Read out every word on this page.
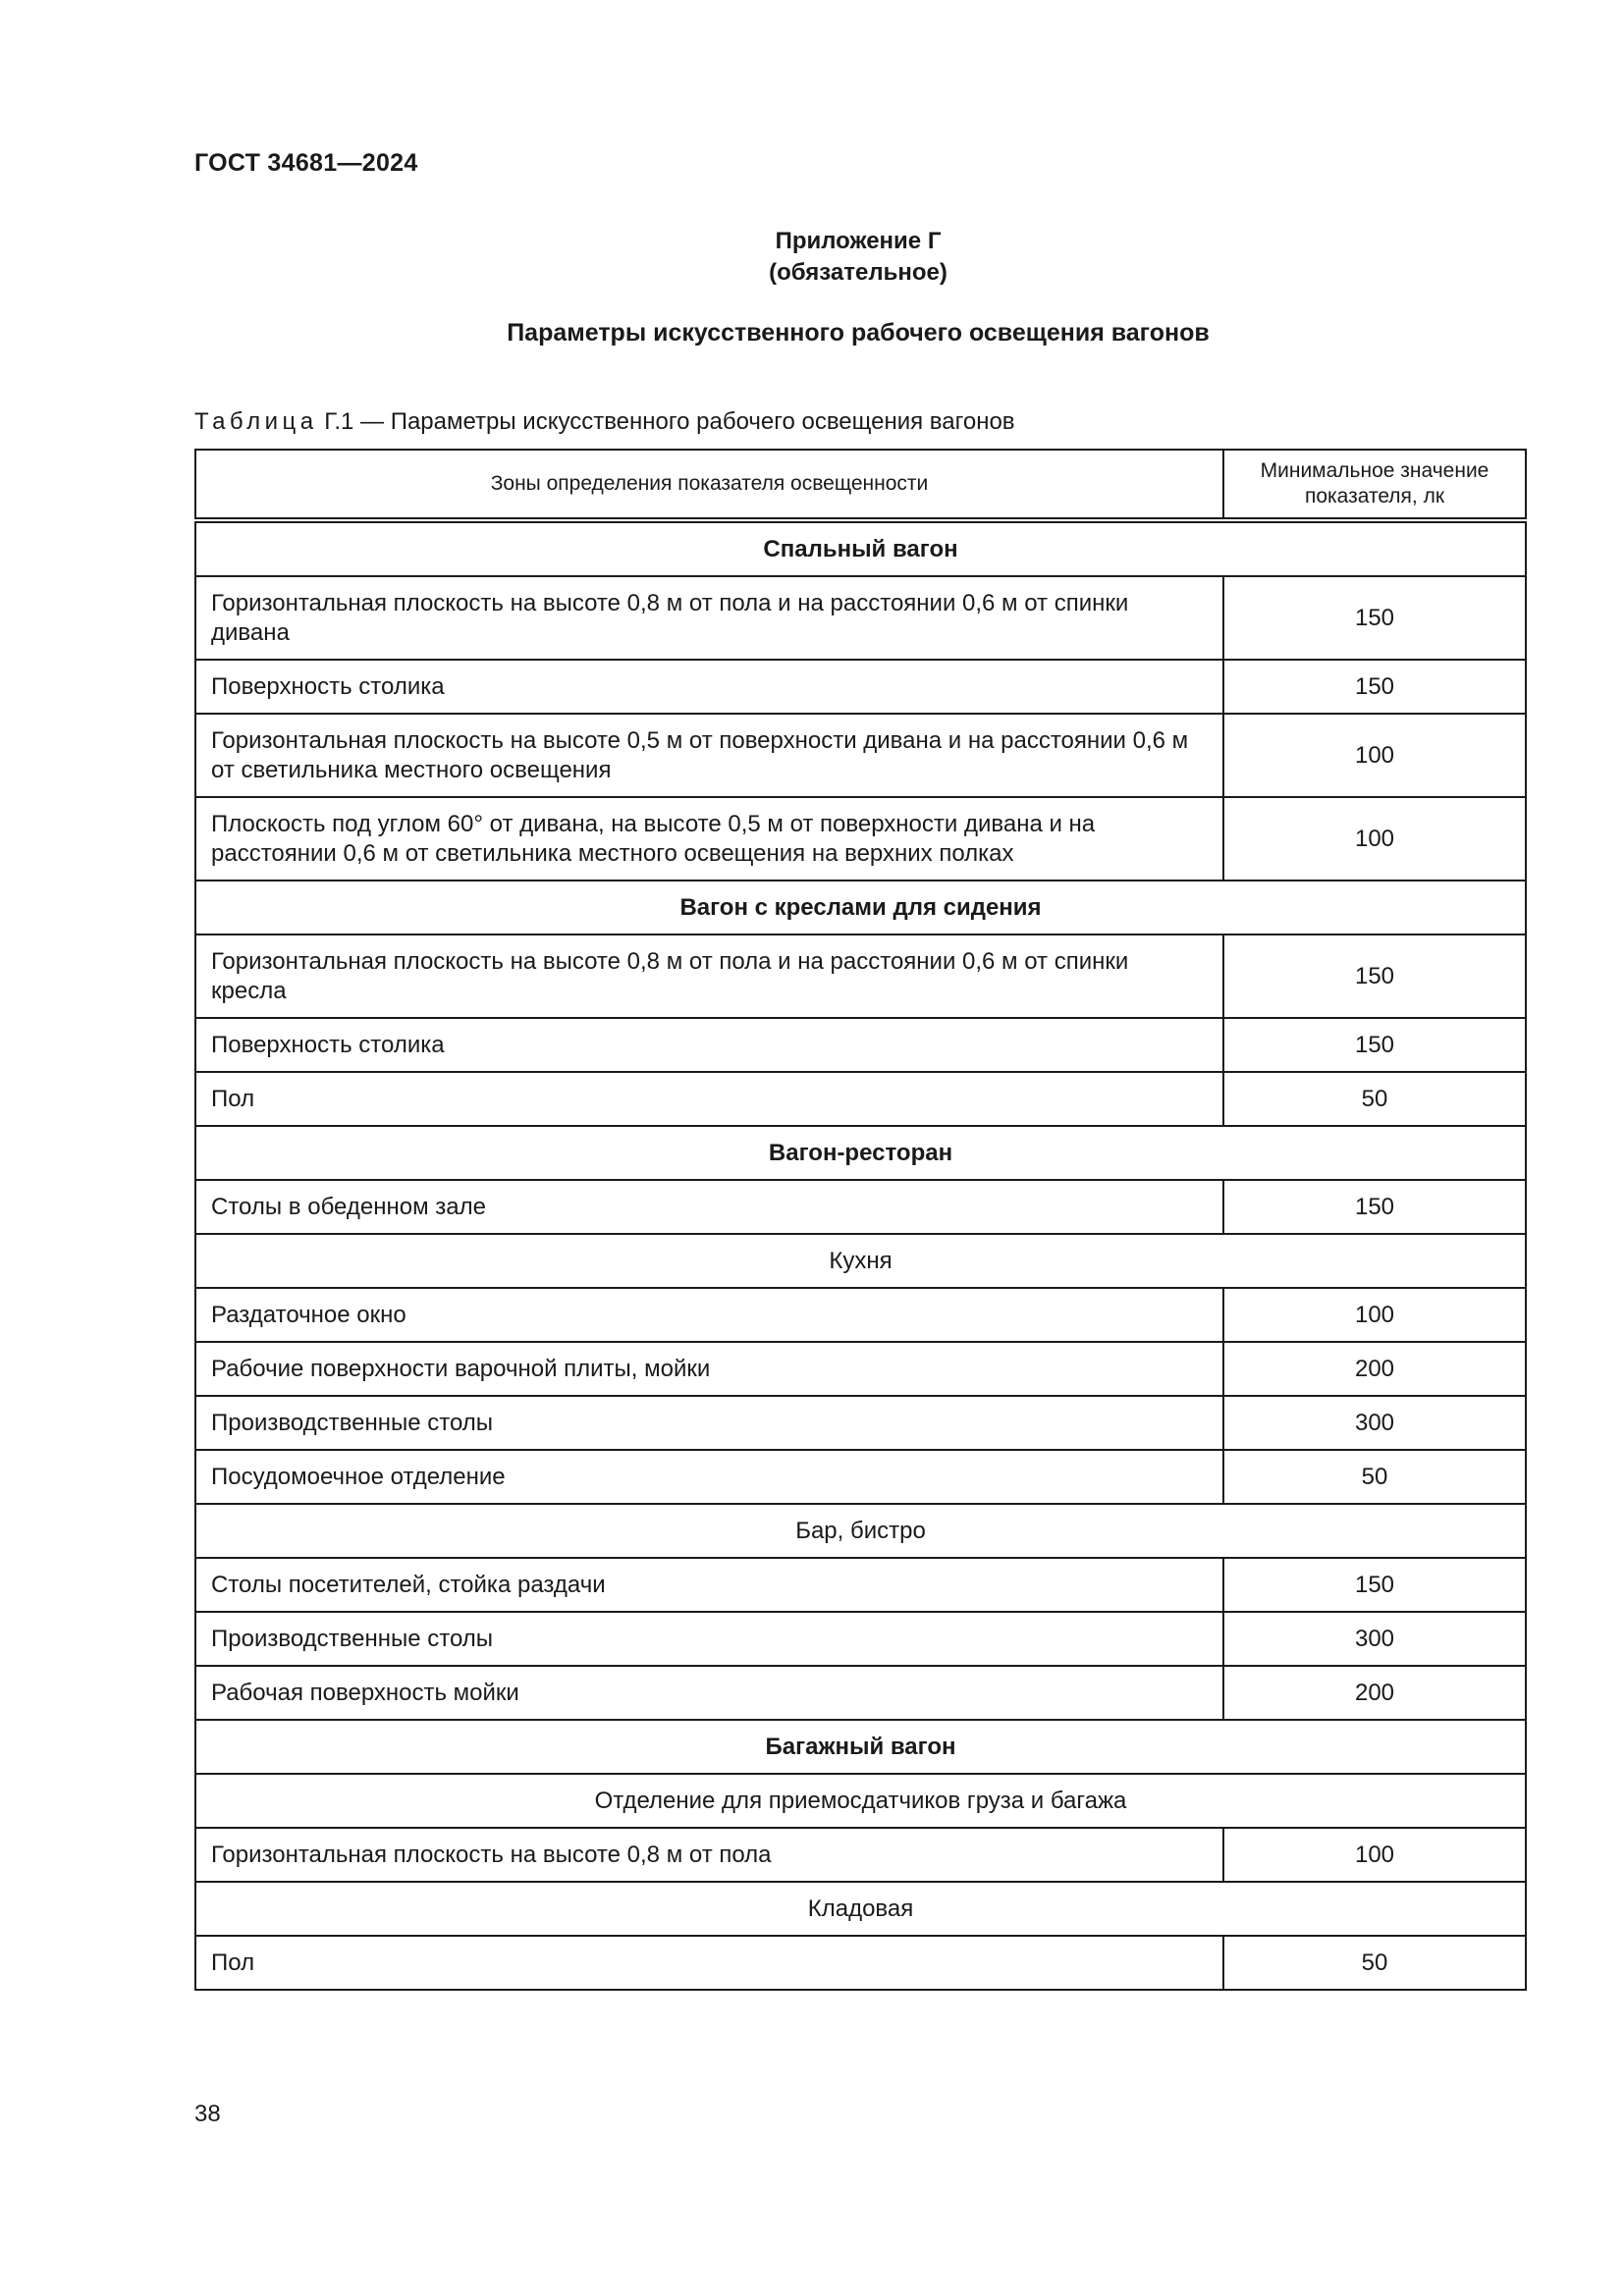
ГОСТ 34681—2024
Приложение Г
(обязательное)
Параметры искусственного рабочего освещения вагонов
Таблица Г.1 — Параметры искусственного рабочего освещения вагонов
Зоны определения показателя освещенности	Минимальное значение показателя, лк
Спальный вагон	
Горизонтальная плоскость на высоте 0,8 м от пола и на расстоянии 0,6 м от спинки дивана	150
Поверхность столика	150
Горизонтальная плоскость на высоте 0,5 м от поверхности дивана и на расстоянии 0,6 м от светильника местного освещения	100
Плоскость под углом 60° от дивана, на высоте 0,5 м от поверхности дивана и на расстоянии 0,6 м от светильника местного освещения на верхних полках	100
Вагон с креслами для сидения	
Горизонтальная плоскость на высоте 0,8 м от пола и на расстоянии 0,6 м от спинки кресла	150
Поверхность столика	150
Пол	50
Вагон-ресторан	
Столы в обеденном зале	150
Кухня	
Раздаточное окно	100
Рабочие поверхности варочной плиты, мойки	200
Производственные столы	300
Посудомоечное отделение	50
Бар, бистро	
Столы посетителей, стойка раздачи	150
Производственные столы	300
Рабочая поверхность мойки	200
Багажный вагон	
Отделение для приемосдатчиков груза и багажа	
Горизонтальная плоскость на высоте 0,8 м от пола	100
Кладовая	
Пол	50
38
